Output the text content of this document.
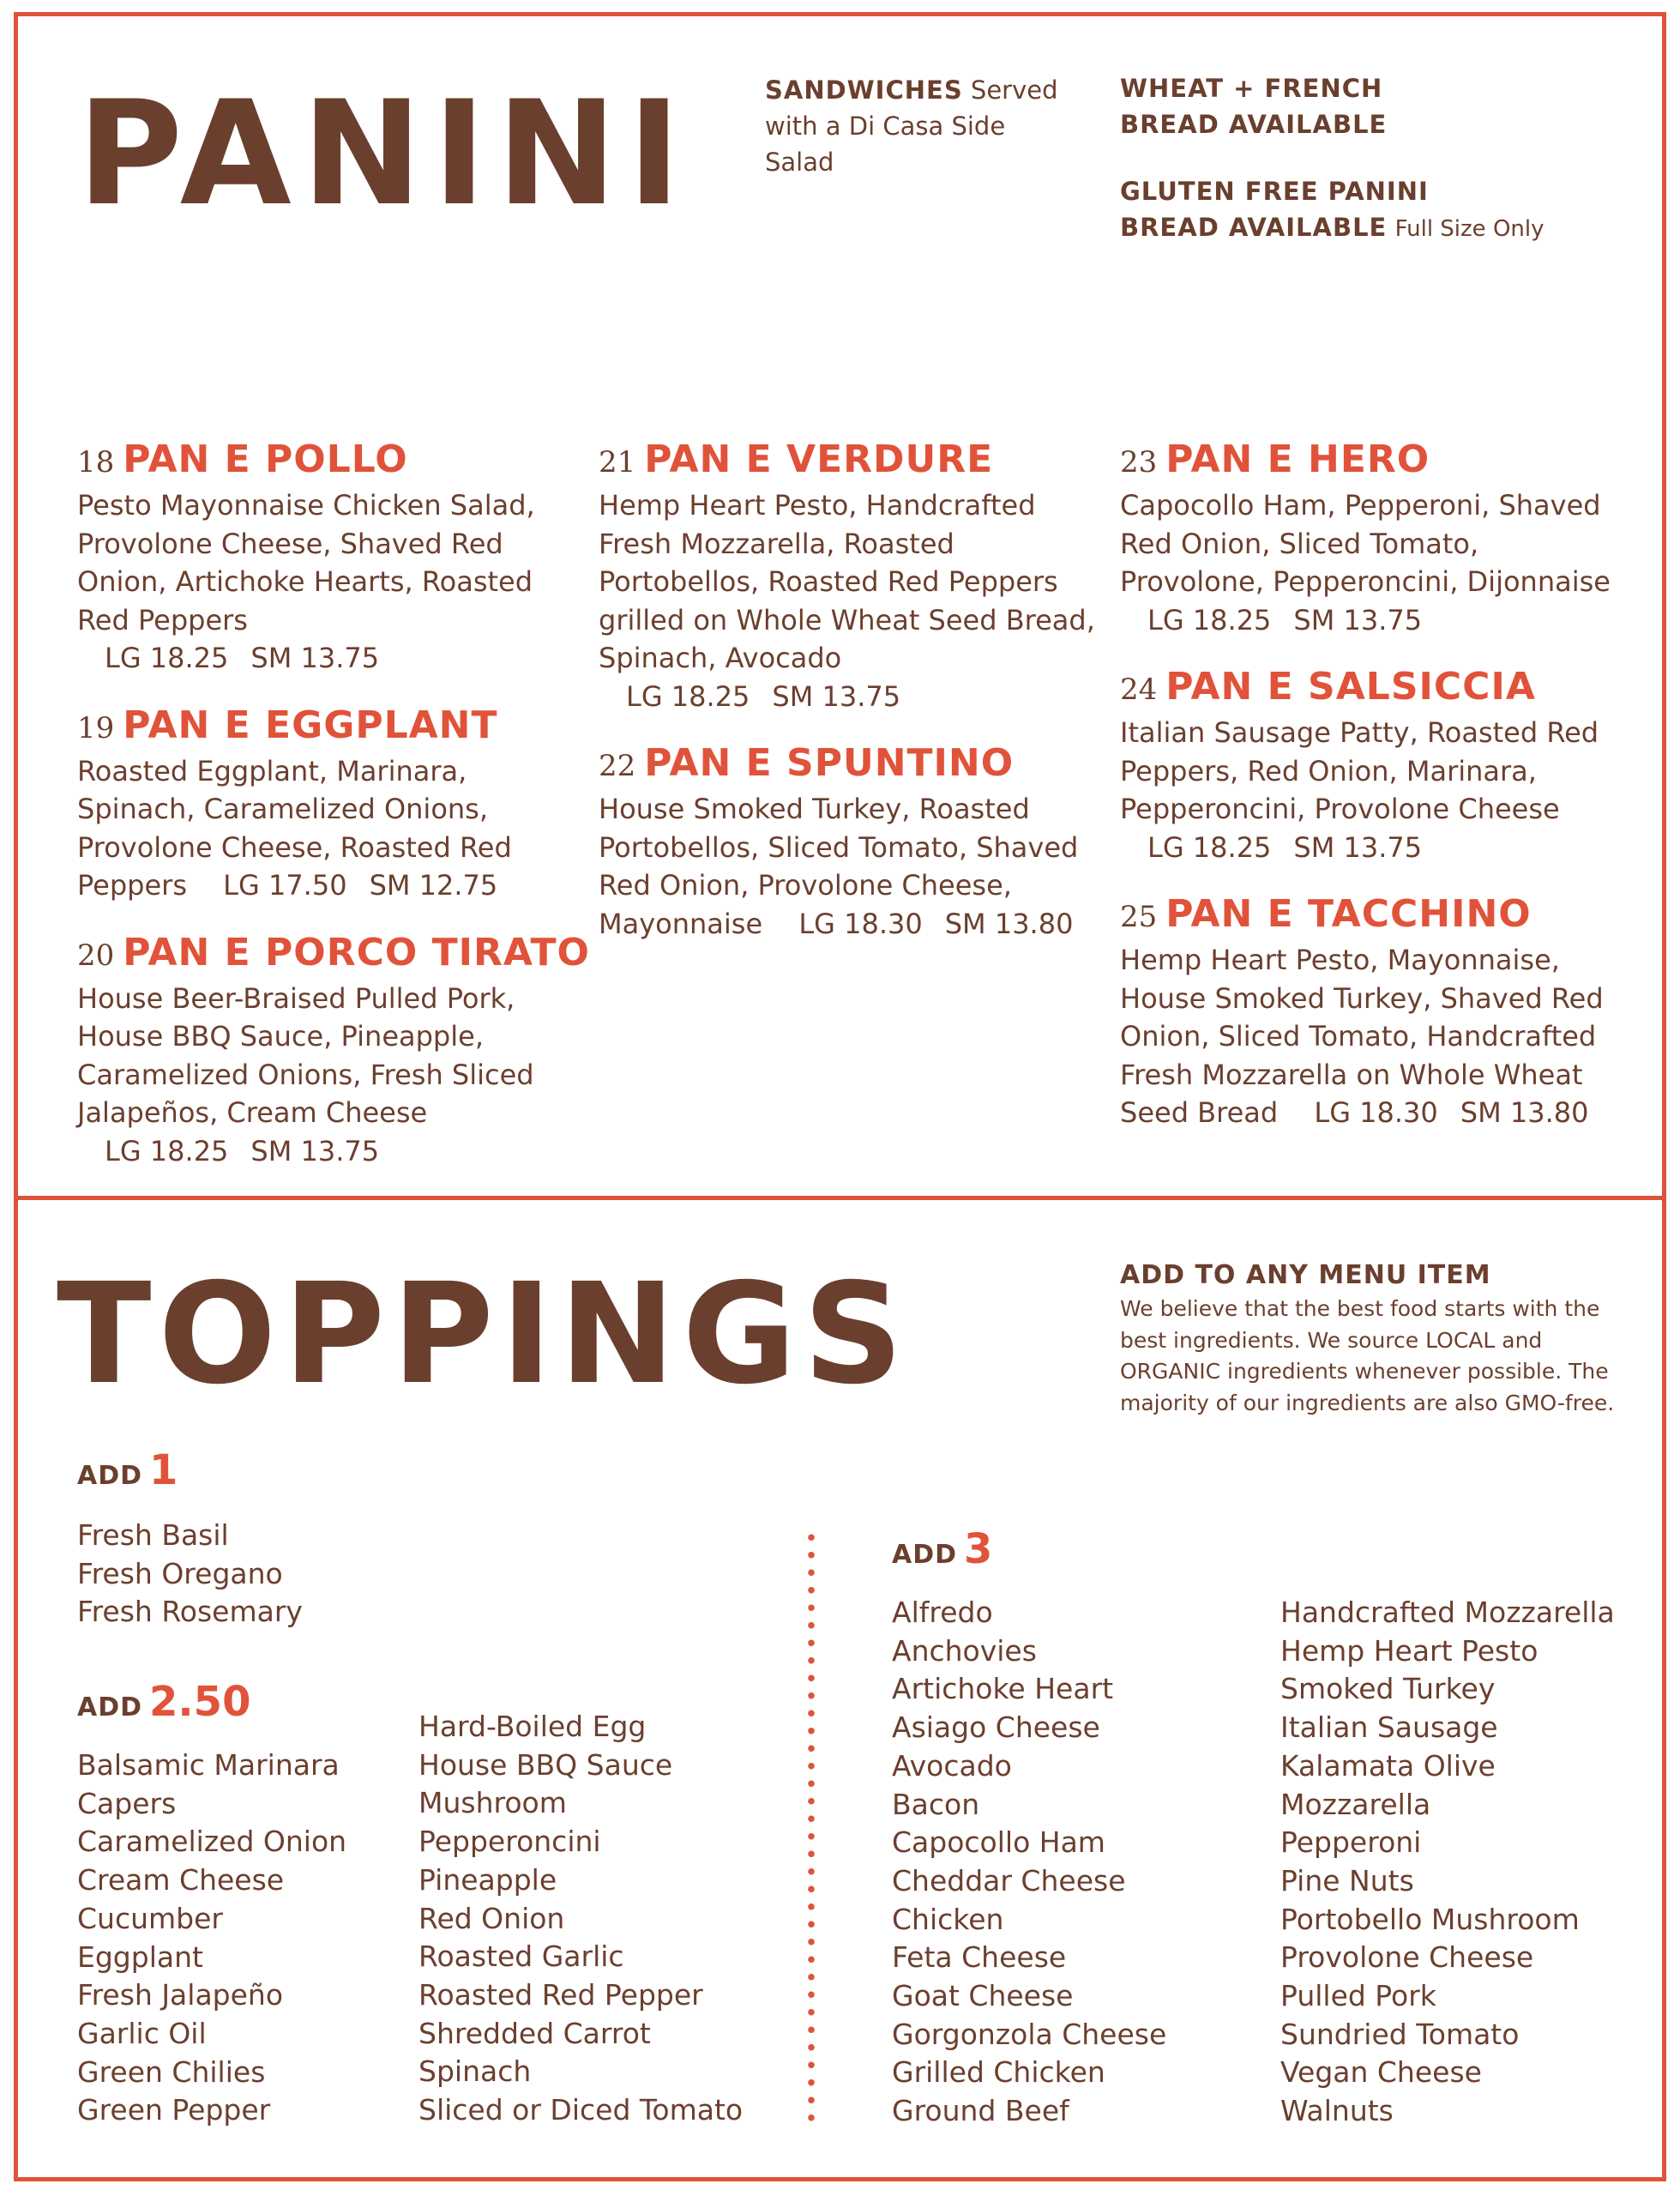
PANINI	SANDWICHES Served
with a Di Casa Side Salad
WHEAT + FRENCH
BREAD AVAILABLE
GLUTEN FREE PANINI
BREAD AVAILABLE Full Size Only
18 PAN E POLLO
Pesto Mayonnaise Chicken Salad, Provolone Cheese, Shaved Red Onion, Artichoke Hearts, Roasted Red Peppers  LG 18.25 SM 13.75
19 PAN E EGGPLANT
Roasted Eggplant, Marinara, Spinach, Caramelized Onions, Provolone Cheese, Roasted Red Peppers   LG 17.50 SM 12.75
20 PAN E PORCO TIRATO
House Beer-Braised Pulled Pork, House BBQ Sauce, Pineapple, Caramelized Onions, Fresh Sliced Jalapeños, Cream Cheese  LG 18.25 SM 13.75
21 PAN E VERDURE
Hemp Heart Pesto, Handcrafted Fresh Mozzarella, Roasted Portobellos, Roasted Red Peppers grilled on Whole Wheat Seed Bread, Spinach, Avocado  LG 18.25 SM 13.75
22 PAN E SPUNTINO
House Smoked Turkey, Roasted Portobellos, Sliced Tomato, Shaved Red Onion, Provolone Cheese, Mayonnaise   LG 18.30 SM 13.80
23 PAN E HERO
Capocollo Ham, Pepperoni, Shaved Red Onion, Sliced Tomato, Provolone, Pepperoncini, Dijonnaise  LG 18.25 SM 13.75
24 PAN E SALSICCIA
Italian Sausage Patty, Roasted Red Peppers, Red Onion, Marinara, Pepperoncini, Provolone Cheese  LG 18.25 SM 13.75
25 PAN E TACCHINO
Hemp Heart Pesto, Mayonnaise, House Smoked Turkey, Shaved Red Onion, Sliced Tomato, Handcrafted Fresh Mozzarella on Whole Wheat Seed Bread   LG 18.30 SM 13.80
TOPPINGS	ADD TO ANY MENU ITEM
We believe that the best food starts with the best ingredients. We source LOCAL and ORGANIC ingredients whenever possible. The majority of our ingredients are also GMO-free.
ADD 1
Fresh Basil
Fresh Oregano
Fresh Rosemary
ADD 2.50
Balsamic Marinara
Capers
Caramelized Onion
Cream Cheese
Cucumber
Eggplant
Fresh Jalapeño
Garlic Oil
Green Chilies
Green Pepper
Hard-Boiled Egg
House BBQ Sauce
Mushroom
Pepperoncini
Pineapple
Red Onion
Roasted Garlic
Roasted Red Pepper
Shredded Carrot
Spinach
Sliced or Diced Tomato
ADD 3
Alfredo
Anchovies
Artichoke Heart
Asiago Cheese
Avocado
Bacon
Capocollo Ham
Cheddar Cheese
Chicken
Feta Cheese
Goat Cheese
Gorgonzola Cheese
Grilled Chicken
Ground Beef
Handcrafted Mozzarella
Hemp Heart Pesto
Smoked Turkey
Italian Sausage
Kalamata Olive
Mozzarella
Pepperoni
Pine Nuts
Portobello Mushroom
Provolone Cheese
Pulled Pork
Sundried Tomato
Vegan Cheese
Walnuts
